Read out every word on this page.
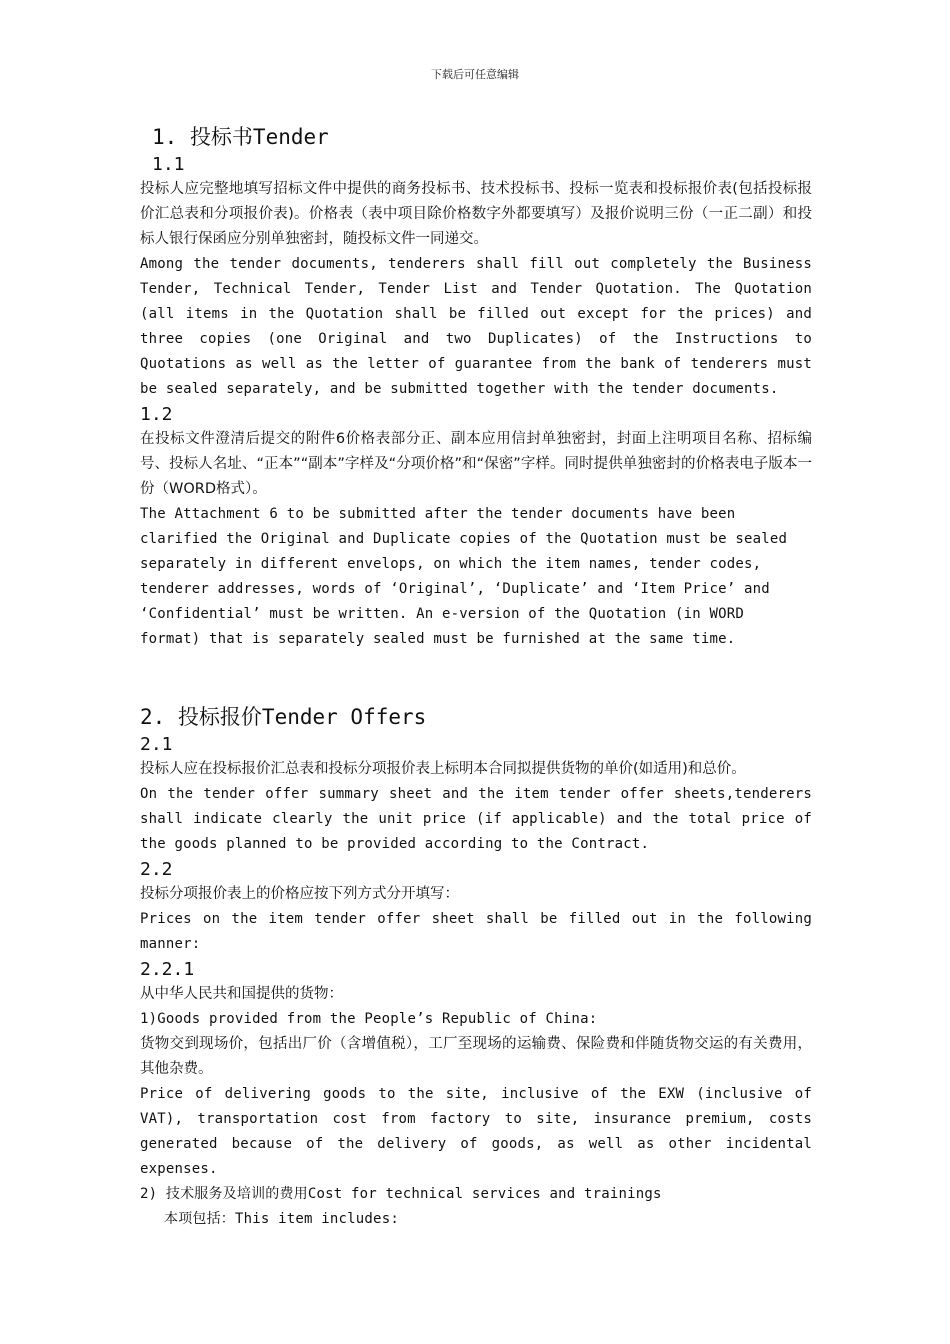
下载后可任意编辑
1. 投标书Tender
1.1
投标人应完整地填写招标文件中提供的商务投标书、技术投标书、投标一览表和投标报价表(包括投标报价汇总表和分项报价表)。价格表（表中项目除价格数字外都要填写）及报价说明三份（一正二副）和投标人银行保函应分别单独密封，随投标文件一同递交。
Among the tender documents, tenderers shall fill out completely the Business Tender, Technical Tender, Tender List and Tender Quotation. The Quotation (all items in the Quotation shall be filled out except for the prices) and three copies (one Original and two Duplicates) of the Instructions to Quotations as well as the letter of guarantee from the bank of tenderers must be sealed separately, and be submitted together with the tender documents.
1.2
在投标文件澄清后提交的附件6价格表部分正、副本应用信封单独密封，封面上注明项目名称、招标编号、投标人名址、“正本”“副本”字样及“分项价格”和“保密”字样。同时提供单独密封的价格表电子版本一份（WORD格式）。
The Attachment 6 to be submitted after the tender documents have been clarified the Original and Duplicate copies of the Quotation must be sealed separately in different envelops, on which the item names, tender codes, tenderer addresses, words of ‘Original’, ‘Duplicate’ and ‘Item Price’ and ‘Confidential’ must be written. An e-version of the Quotation (in WORD format) that is separately sealed must be furnished at the same time.
2. 投标报价Tender Offers
2.1
投标人应在投标报价汇总表和投标分项报价表上标明本合同拟提供货物的单价(如适用)和总价。
On the tender offer summary sheet and the item tender offer sheets,tenderers shall indicate clearly the unit price (if applicable) and the total price of the goods planned to be provided according to the Contract.
2.2
投标分项报价表上的价格应按下列方式分开填写：
Prices on the item tender offer sheet shall be filled out in the following manner:
2.2.1
从中华人民共和国提供的货物：
1)Goods provided from the People’s Republic of China:
货物交到现场价，包括出厂价（含增值税），工厂至现场的运输费、保险费和伴随货物交运的有关费用，其他杂费。
Price of delivering goods to the site, inclusive of the EXW (inclusive of VAT), transportation cost from factory to site, insurance premium, costs generated because of the delivery of goods, as well as other incidental expenses.
2) 技术服务及培训的费用Cost for technical services and trainings
本项包括：This item includes:
